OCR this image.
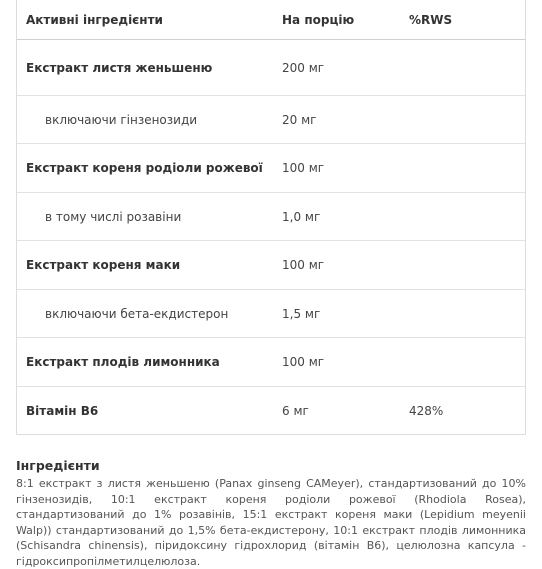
Активні інгредієнти	На порцію	%RWS
Екстракт листя женьшеню	200 мг
включаючи гінзенозиди	20 мг
Екстракт кореня родіоли рожевої	100 мг
в тому числі розавіни	1,0 мг
Екстракт кореня маки	100 мг
включаючи бета-екдистерон	1,5 мг
Екстракт плодів лимонника	100 мг
Вітамін B6	6 мг	428%
Інгредієнти

8:1 екстракт з листя женьшеню (Panax ginseng CAMeyer), стандартизований до 10% гінзенозидів, 10:1 екстракт кореня родіоли рожевої (Rhodiola Rosea), стандартизований до 1% розавінів, 15:1 екстракт кореня маки (Lepidium meyenii Walp)) стандартизований до 1,5% бета-екдистерону, 10:1 екстракт плодів лимонника (Schisandra chinensis), піридоксину гідрохлорид (вітамін B6), целюлозна капсула - гідроксипропілметилцелюлоза.
